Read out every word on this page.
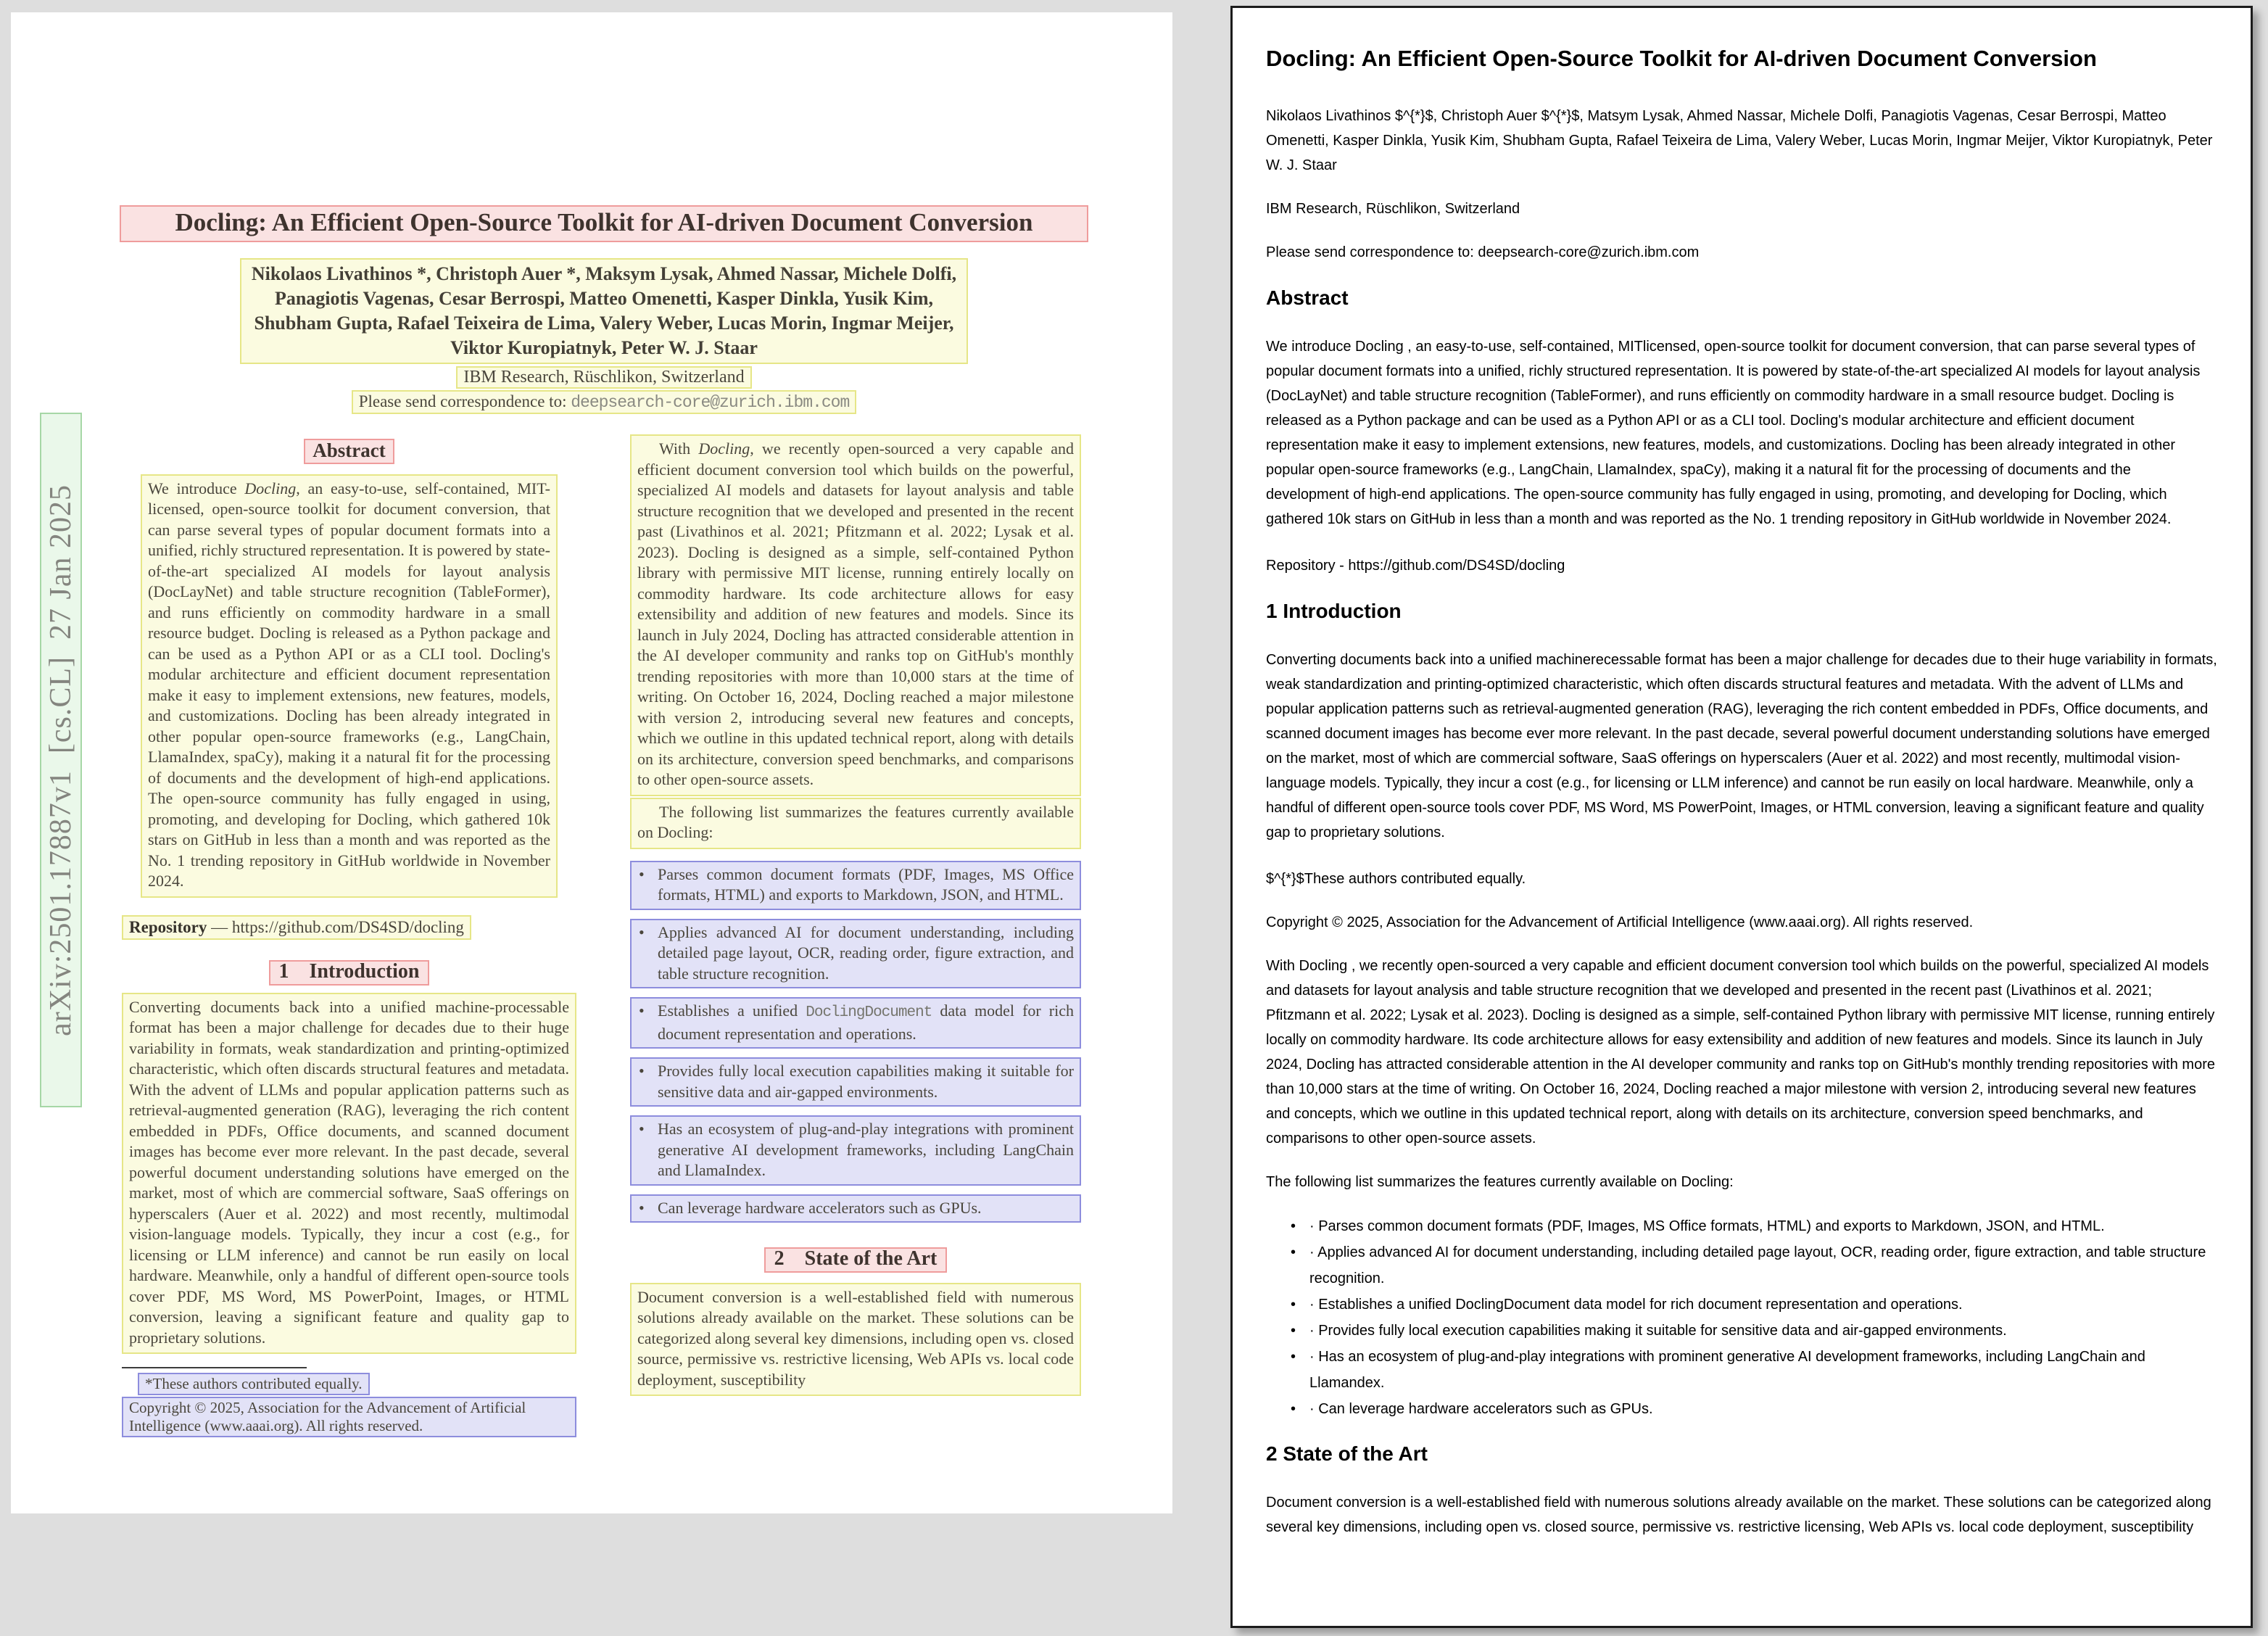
arXiv:2501.17887v1  [cs.CL]  27 Jan 2025
Docling: An Efficient Open-Source Toolkit for AI-driven Document Conversion
Nikolaos Livathinos *, Christoph Auer *, Maksym Lysak, Ahmed Nassar, Michele Dolfi,
Panagiotis Vagenas, Cesar Berrospi, Matteo Omenetti, Kasper Dinkla, Yusik Kim,
Shubham Gupta, Rafael Teixeira de Lima, Valery Weber, Lucas Morin, Ingmar Meijer,
Viktor Kuropiatnyk, Peter W. J. Staar
IBM Research, Rüschlikon, Switzerland
Please send correspondence to: deepsearch-core@zurich.ibm.com
Abstract
We introduce Docling, an easy-to-use, self-contained, MIT-licensed, open-source toolkit for document conversion, that can parse several types of popular document formats into a unified, richly structured representation. It is powered by state-of-the-art specialized AI models for layout analysis (DocLayNet) and table structure recognition (TableFormer), and runs efficiently on commodity hardware in a small resource budget. Docling is released as a Python package and can be used as a Python API or as a CLI tool. Docling's modular architecture and efficient document representation make it easy to implement extensions, new features, models, and customizations. Docling has been already integrated in other popular open-source frameworks (e.g., LangChain, LlamaIndex, spaCy), making it a natural fit for the processing of documents and the development of high-end applications. The open-source community has fully engaged in using, promoting, and developing for Docling, which gathered 10k stars on GitHub in less than a month and was reported as the No. 1 trending repository in GitHub worldwide in November 2024.
Repository — https://github.com/DS4SD/docling
1 Introduction
Converting documents back into a unified machine-processable format has been a major challenge for decades due to their huge variability in formats, weak standardization and printing-optimized characteristic, which often discards structural features and metadata. With the advent of LLMs and popular application patterns such as retrieval-augmented generation (RAG), leveraging the rich content embedded in PDFs, Office documents, and scanned document images has become ever more relevant. In the past decade, several powerful document understanding solutions have emerged on the market, most of which are commercial software, SaaS offerings on hyperscalers (Auer et al. 2022) and most recently, multimodal vision-language models. Typically, they incur a cost (e.g., for licensing or LLM inference) and cannot be run easily on local hardware. Meanwhile, only a handful of different open-source tools cover PDF, MS Word, MS PowerPoint, Images, or HTML conversion, leaving a significant feature and quality gap to proprietary solutions.
*These authors contributed equally.
Copyright © 2025, Association for the Advancement of Artificial Intelligence (www.aaai.org). All rights reserved.
With Docling, we recently open-sourced a very capable and efficient document conversion tool which builds on the powerful, specialized AI models and datasets for layout analysis and table structure recognition that we developed and presented in the recent past (Livathinos et al. 2021; Pfitzmann et al. 2022; Lysak et al. 2023). Docling is designed as a simple, self-contained Python library with permissive MIT license, running entirely locally on commodity hardware. Its code architecture allows for easy extensibility and addition of new features and models. Since its launch in July 2024, Docling has attracted considerable attention in the AI developer community and ranks top on GitHub's monthly trending repositories with more than 10,000 stars at the time of writing. On October 16, 2024, Docling reached a major milestone with version 2, introducing several new features and concepts, which we outline in this updated technical report, along with details on its architecture, conversion speed benchmarks, and comparisons to other open-source assets.
The following list summarizes the features currently available on Docling:
• Parses common document formats (PDF, Images, MS Office formats, HTML) and exports to Markdown, JSON, and HTML.
• Applies advanced AI for document understanding, including detailed page layout, OCR, reading order, figure extraction, and table structure recognition.
• Establishes a unified DoclingDocument data model for rich document representation and operations.
• Provides fully local execution capabilities making it suitable for sensitive data and air-gapped environments.
• Has an ecosystem of plug-and-play integrations with prominent generative AI development frameworks, including LangChain and LlamaIndex.
• Can leverage hardware accelerators such as GPUs.
2 State of the Art
Document conversion is a well-established field with numerous solutions already available on the market. These solutions can be categorized along several key dimensions, including open vs. closed source, permissive vs. restrictive licensing, Web APIs vs. local code deployment, susceptibility
Docling: An Efficient Open-Source Toolkit for AI-driven Document Conversion

Nikolaos Livathinos $^{*}$, Christoph Auer $^{*}$, Matsym Lysak, Ahmed Nassar, Michele Dolfi, Panagiotis Vagenas, Cesar Berrospi, Matteo Omenetti, Kasper Dinkla, Yusik Kim, Shubham Gupta, Rafael Teixeira de Lima, Valery Weber, Lucas Morin, Ingmar Meijer, Viktor Kuropiatnyk, Peter W. J. Staar

IBM Research, Rüschlikon, Switzerland

Please send correspondence to: deepsearch-core@zurich.ibm.com

Abstract

We introduce Docling , an easy-to-use, self-contained, MITlicensed, open-source toolkit for document conversion, that can parse several types of popular document formats into a unified, richly structured representation. It is powered by state-of-the-art specialized AI models for layout analysis (DocLayNet) and table structure recognition (TableFormer), and runs efficiently on commodity hardware in a small resource budget. Docling is released as a Python package and can be used as a Python API or as a CLI tool. Docling's modular architecture and efficient document representation make it easy to implement extensions, new features, models, and customizations. Docling has been already integrated in other popular open-source frameworks (e.g., LangChain, LlamaIndex, spaCy), making it a natural fit for the processing of documents and the development of high-end applications. The open-source community has fully engaged in using, promoting, and developing for Docling, which gathered 10k stars on GitHub in less than a month and was reported as the No. 1 trending repository in GitHub worldwide in November 2024.

Repository - https://github.com/DS4SD/docling

1 Introduction

Converting documents back into a unified machinerecessable format has been a major challenge for decades due to their huge variability in formats, weak standardization and printing-optimized characteristic, which often discards structural features and metadata. With the advent of LLMs and popular application patterns such as retrieval-augmented generation (RAG), leveraging the rich content embedded in PDFs, Office documents, and scanned document images has become ever more relevant. In the past decade, several powerful document understanding solutions have emerged on the market, most of which are commercial software, SaaS offerings on hyperscalers (Auer et al. 2022) and most recently, multimodal vision-language models. Typically, they incur a cost (e.g., for licensing or LLM inference) and cannot be run easily on local hardware. Meanwhile, only a handful of different open-source tools cover PDF, MS Word, MS PowerPoint, Images, or HTML conversion, leaving a significant feature and quality gap to proprietary solutions.

$^{*}$These authors contributed equally.

Copyright © 2025, Association for the Advancement of Artificial Intelligence (www.aaai.org). All rights reserved.

With Docling , we recently open-sourced a very capable and efficient document conversion tool which builds on the powerful, specialized AI models and datasets for layout analysis and table structure recognition that we developed and presented in the recent past (Livathinos et al. 2021; Pfitzmann et al. 2022; Lysak et al. 2023). Docling is designed as a simple, self-contained Python library with permissive MIT license, running entirely locally on commodity hardware. Its code architecture allows for easy extensibility and addition of new features and models. Since its launch in July 2024, Docling has attracted considerable attention in the AI developer community and ranks top on GitHub's monthly trending repositories with more than 10,000 stars at the time of writing. On October 16, 2024, Docling reached a major milestone with version 2, introducing several new features and concepts, which we outline in this updated technical report, along with details on its architecture, conversion speed benchmarks, and comparisons to other open-source assets.

The following list summarizes the features currently available on Docling:

• · Parses common document formats (PDF, Images, MS Office formats, HTML) and exports to Markdown, JSON, and HTML.
• · Applies advanced AI for document understanding, including detailed page layout, OCR, reading order, figure extraction, and table structure recognition.
• · Establishes a unified DoclingDocument data model for rich document representation and operations.
• · Provides fully local execution capabilities making it suitable for sensitive data and air-gapped environments.
• · Has an ecosystem of plug-and-play integrations with prominent generative AI development frameworks, including LangChain and Llamandex.
• · Can leverage hardware accelerators such as GPUs.
2 State of the Art

Document conversion is a well-established field with numerous solutions already available on the market. These solutions can be categorized along several key dimensions, including open vs. closed source, permissive vs. restrictive licensing, Web APIs vs. local code deployment, susceptibility
